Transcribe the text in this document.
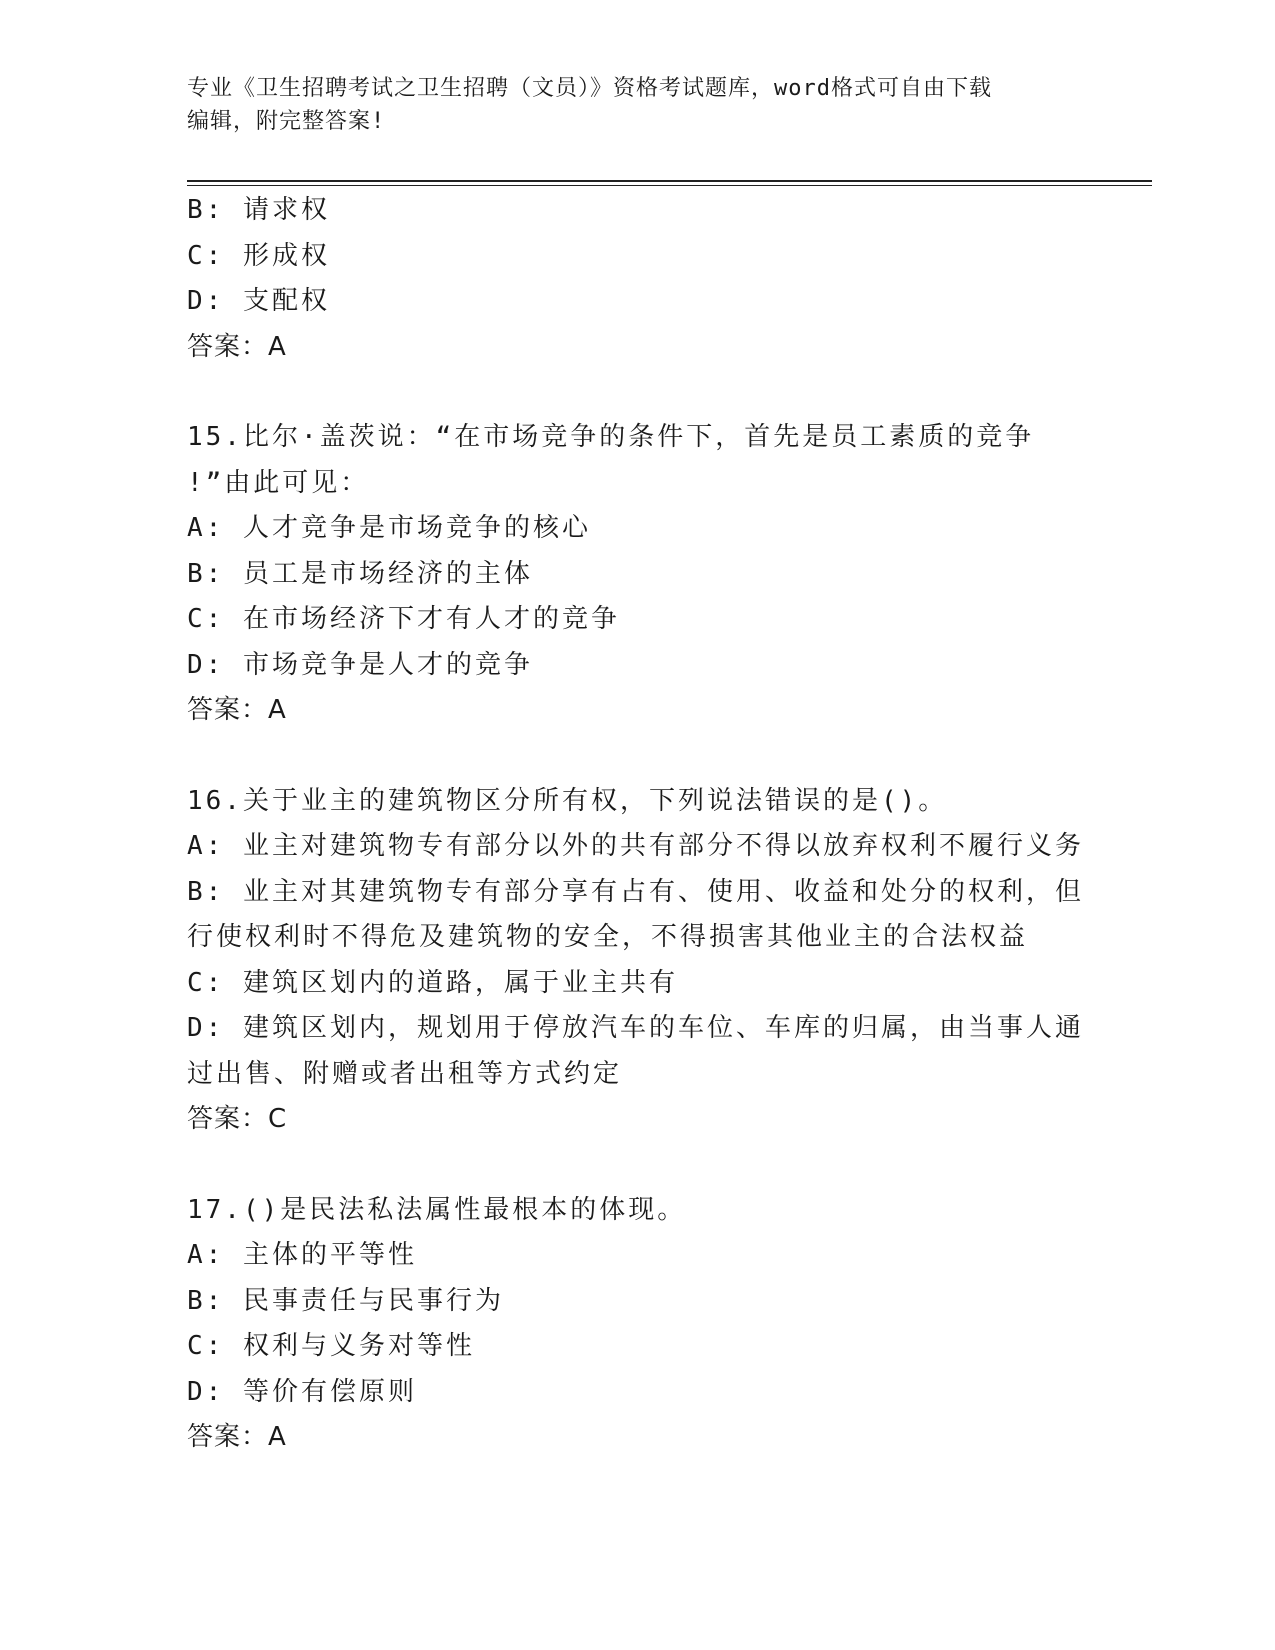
专业《卫生招聘考试之卫生招聘（文员）》资格考试题库，word格式可自由下载
编辑，附完整答案!
B: 请求权
C: 形成权
D: 支配权
答案：A
15.比尔·盖茨说：“在市场竞争的条件下，首先是员工素质的竞争
!”由此可见：
A: 人才竞争是市场竞争的核心
B: 员工是市场经济的主体
C: 在市场经济下才有人才的竞争
D: 市场竞争是人才的竞争
答案：A
16.关于业主的建筑物区分所有权，下列说法错误的是()。
A: 业主对建筑物专有部分以外的共有部分不得以放弃权利不履行义务
B: 业主对其建筑物专有部分享有占有、使用、收益和处分的权利，但
行使权利时不得危及建筑物的安全，不得损害其他业主的合法权益
C: 建筑区划内的道路，属于业主共有
D: 建筑区划内，规划用于停放汽车的车位、车库的归属，由当事人通
过出售、附赠或者出租等方式约定
答案：C
17.()是民法私法属性最根本的体现。
A: 主体的平等性
B: 民事责任与民事行为
C: 权利与义务对等性
D: 等价有偿原则
答案：A
